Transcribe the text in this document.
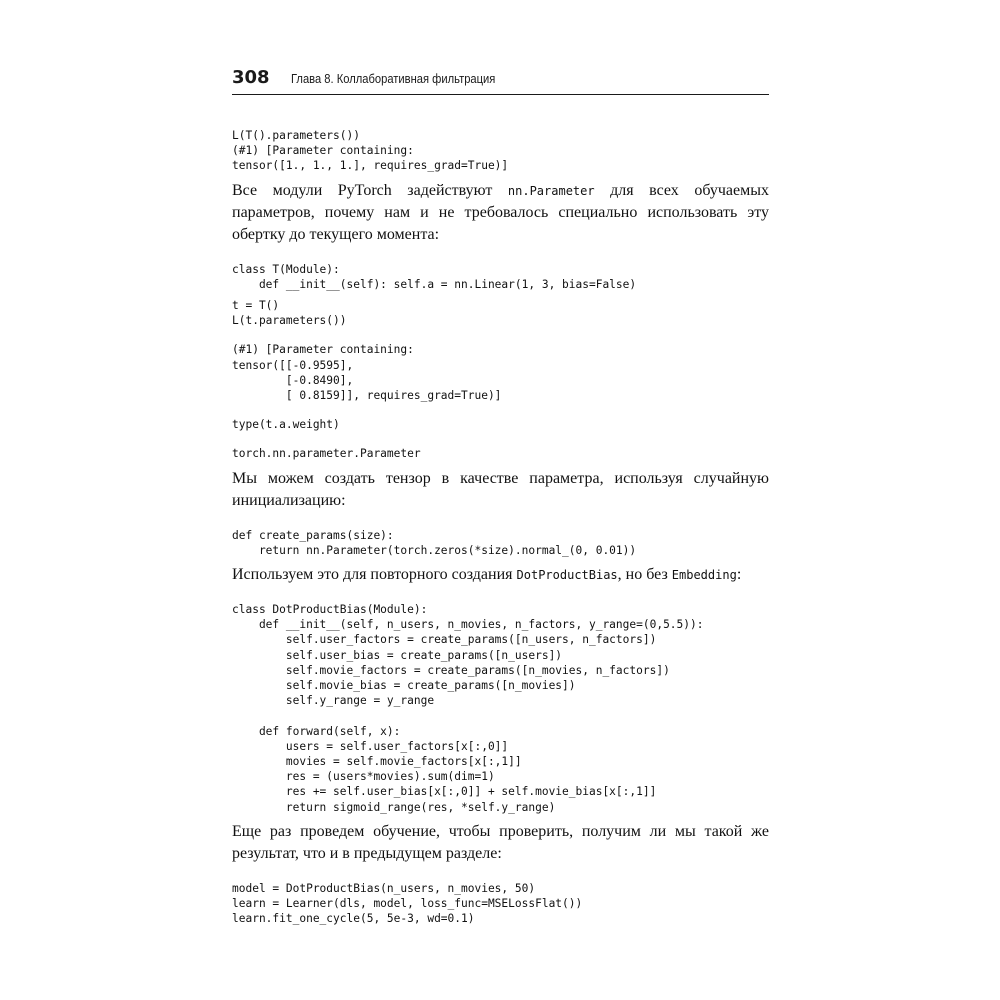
308 Глава 8. Коллаборативная фильтрация
L(T().parameters())
(#1) [Parameter containing:
tensor([1., 1., 1.], requires_grad=True)]

Все модули PyTorch задействуют nn.Parameter для всех обучаемых параметров, почему нам и не требовалось специально использовать эту обертку до текущего момента:

class T(Module):
def __init__(self): self.a = nn.Linear(1, 3, bias=False)
t = T()
L(t.parameters())
(#1) [Parameter containing:
tensor([[-0.9595],
[-0.8490],
[ 0.8159]], requires_grad=True)]
type(t.a.weight)
torch.nn.parameter.Parameter

Мы можем создать тензор в качестве параметра, используя случайную инициализацию:

def create_params(size):
return nn.Parameter(torch.zeros(*size).normal_(0, 0.01))

Используем это для повторного создания DotProductBias, но без Embedding:

class DotProductBias(Module):
def __init__(self, n_users, n_movies, n_factors, y_range=(0,5.5)):
self.user_factors = create_params([n_users, n_factors])
self.user_bias = create_params([n_users])
self.movie_factors = create_params([n_movies, n_factors])
self.movie_bias = create_params([n_movies])
self.y_range = y_range

def forward(self, x):
users = self.user_factors[x[:,0]]
movies = self.movie_factors[x[:,1]]
res = (users*movies).sum(dim=1)
res += self.user_bias[x[:,0]] + self.movie_bias[x[:,1]]
return sigmoid_range(res, *self.y_range)

Еще раз проведем обучение, чтобы проверить, получим ли мы такой же результат, что и в предыдущем разделе:

model = DotProductBias(n_users, n_movies, 50)
learn = Learner(dls, model, loss_func=MSELossFlat())
learn.fit_one_cycle(5, 5e-3, wd=0.1)
